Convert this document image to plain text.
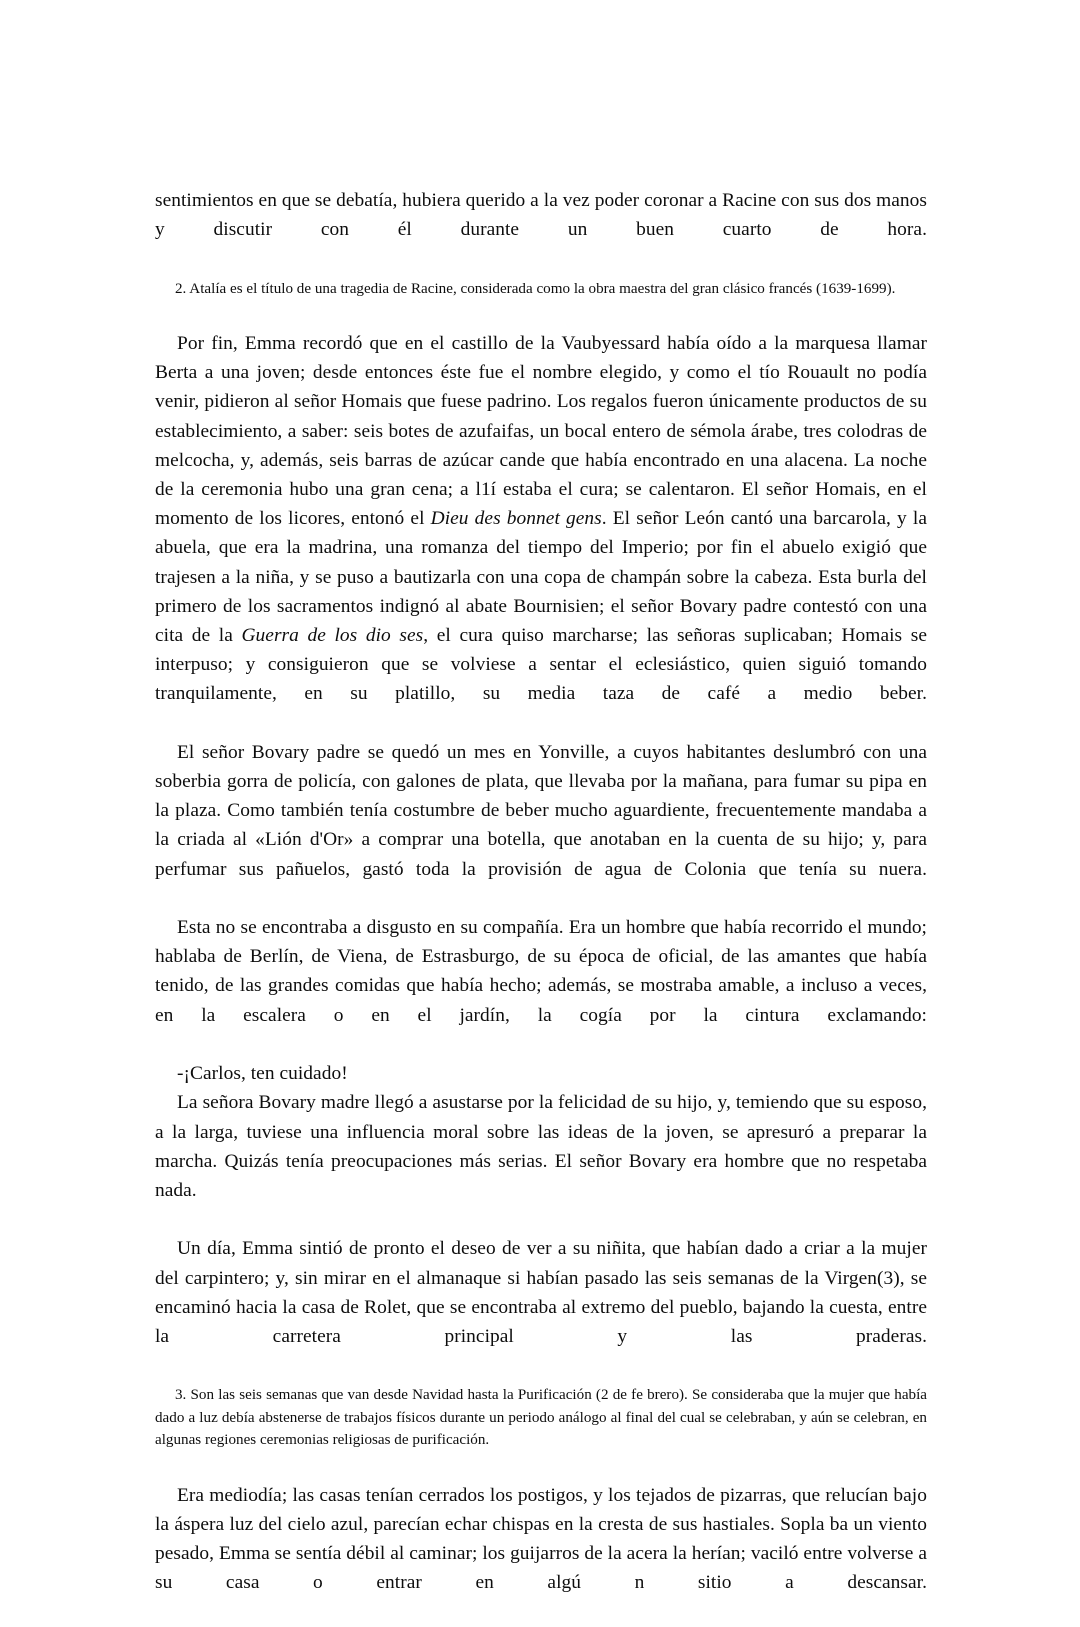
sentimientos en que se debatía, hubiera querido a la vez poder coronar a Racine con sus dos manos y discutir con él durante un buen cuarto de hora.

2. Atalía es el título de una tragedia de Racine, considerada como la obra maestra del gran clásico francés (1639-1699).

Por fin, Emma recordó que en el castillo de la Vaubyessard había oído a la marquesa llamar Berta a una joven; desde entonces éste fue el nombre elegido, y como el tío Rouault no podía venir, pidieron al señor Homais que fuese padrino. Los regalos fueron únicamente productos de su establecimiento, a saber: seis botes de azufaifas, un bocal entero de sémola árabe, tres colodras de melcocha, y, además, seis barras de azúcar cande que había encontrado en una alacena. La noche de la ceremonia hubo una gran cena; a l1í estaba el cura; se calentaron. El señor Homais, en el momento de los licores, entonó el Dieu des bonnet gens. El señor León cantó una barcarola, y la abuela, que era la madrina, una romanza del tiempo del Imperio; por fin el abuelo exigió que trajesen a la niña, y se puso a bautizarla con una copa de champán sobre la cabeza. Esta burla del primero de los sacramentos indignó al abate Bournisien; el señor Bovary padre contestó con una cita de la Guerra de los dio ses, el cura quiso marcharse; las señoras suplicaban; Homais se interpuso; y consiguieron que se volviese a sentar el eclesiástico, quien siguió tomando tranquilamente, en su platillo, su media taza de café a medio beber.

El señor Bovary padre se quedó un mes en Yonville, a cuyos habitantes deslumbró con una soberbia gorra de policía, con galones de plata, que llevaba por la mañana, para fumar su pipa en la plaza. Como también tenía costumbre de beber mucho aguardiente, frecuentemente mandaba a la criada al «Lión d'Or» a comprar una botella, que anotaban en la cuenta de su hijo; y, para perfumar sus pañuelos, gastó toda la provisión de agua de Colonia que tenía su nuera.

Esta no se encontraba a disgusto en su compañía. Era un hombre que había recorrido el mundo; hablaba de Berlín, de Viena, de Estrasburgo, de su época de oficial, de las amantes que había tenido, de las grandes comidas que había hecho; además, se mostraba amable, a incluso a veces, en la escalera o en el jardín, la cogía por la cintura exclamando:

-¡Carlos, ten cuidado!

La señora Bovary madre llegó a asustarse por la felicidad de su hijo, y, temiendo que su esposo, a la larga, tuviese una influencia moral sobre las ideas de la joven, se apresuró a preparar la marcha. Quizás tenía preocupaciones más serias. El señor Bovary era hombre que no respetaba nada.

Un día, Emma sintió de pronto el deseo de ver a su niñita, que habían dado a criar a la mujer del carpintero; y, sin mirar en el almanaque si habían pasado las seis semanas de la Virgen(3), se encaminó hacia la casa de Rolet, que se encontraba al extremo del pueblo, bajando la cuesta, entre la carretera principal y las praderas.

3. Son las seis semanas que van desde Navidad hasta la Purificación (2 de fe brero). Se consideraba que la mujer que había dado a luz debía abstenerse de trabajos físicos durante un periodo análogo al final del cual se celebraban, y aún se celebran, en algunas regiones ceremonias religiosas de purificación.

Era mediodía; las casas tenían cerrados los postigos, y los tejados de pizarras, que relucían bajo la áspera luz del cielo azul, parecían echar chispas en la cresta de sus hastiales. Sopla ba un viento pesado, Emma se sentía débil al caminar; los guijarros de la acera la herían; vaciló entre volverse a su casa o entrar en algú n sitio a descansar.
